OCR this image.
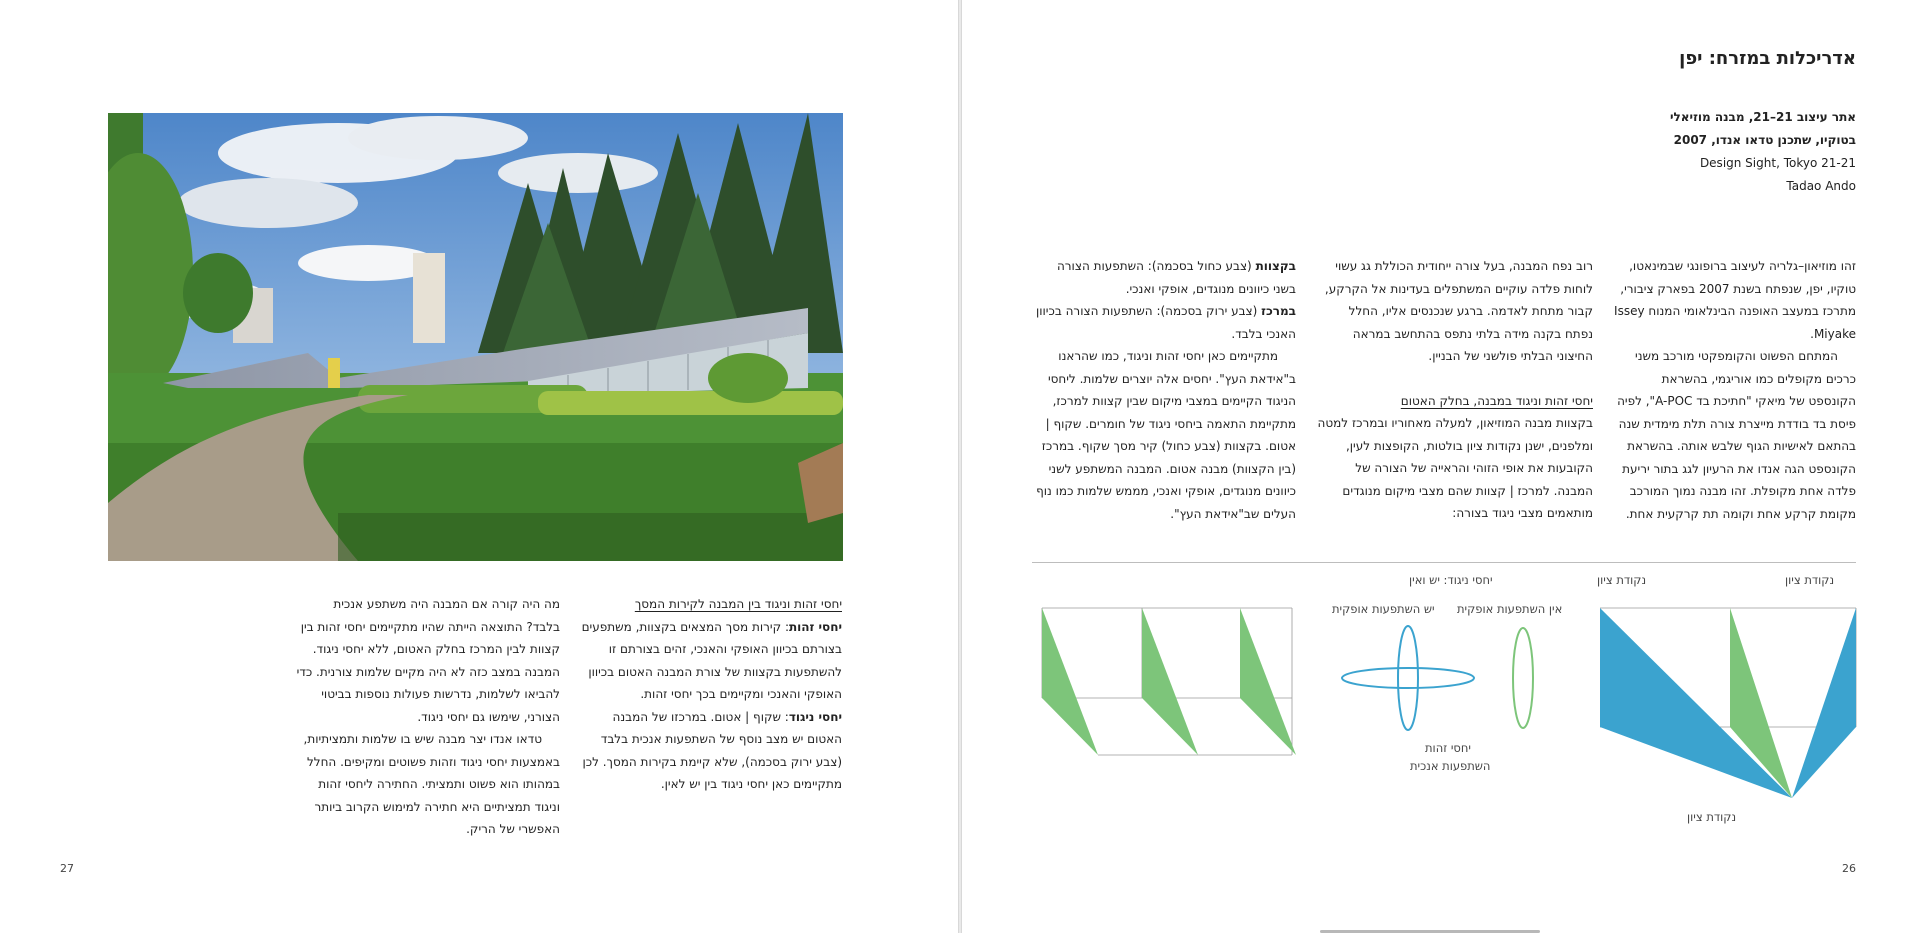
יחסי זהות וניגוד בין המבנה לקירות המסך

יחסי זהות: קירות מסך המצאים בקצוות, משתפעים בצורתם בכיוון האופקי והאנכי, זהים בצורתם זו להשתפעות בקצוות של צורת המבנה האטום בכיוון האופקי והאנכי ומקיימים בכך יחסי זהות.

יחסי ניגוד: שקוף | אטום. במרכזו של המבנה האטום יש מצב נוסף של השתפעות אנכית בלבד (צבע ירוק בסכמה), שלא קיימת בקירות המסך. לכן מתקיימים כאן יחסי ניגוד בין יש לאין.

מה היה קורה אם המבנה היה משתפע אנכית בלבד? התוצאה הייתה שהיו מתקיימים יחסי זהות בין קצוות לבין המרכז בחלק האטום, ללא יחסי ניגוד. המבנה במצב כזה לא היה מקיים שלמות צורנית. כדי להביאו לשלמות, נדרשות פעולות נוספות בביטוי הצורני, שימשו גם יחסי ניגוד.

טדאו אנדו יצר מבנה שיש בו שלמות ותמציתיות, באמצעות יחסי ניגוד וזהות פשוטים ומקיפים. החלל במהותו הוא פשוט ותמציתי. החתירה ליחסי זהות וניגוד תמציתיים היא חתירה למימוש הקרוב ביותר האפשרי של הריק.

27
אדריכלות במזרח: יפן
אתר עיצוב 21–21, מבנה מוזיאלי
בטוקיו, שתכנן טדאו אנדו, 2007
21-21 Design Sight, Tokyo
Tadao Ando

זהו מוזיאון–גלריה לעיצוב ברופונגי שבמינאטו, טוקיו, יפן, שנפתח בשנת 2007 בפארק ציבורי, מתרכז במעצב האופנה הבינלאומי המנוח Issey Miyake.

המתחם הפשוט והקומפקטי מורכב משני כרכים מקופלים כמו אוריגמי, בהשראת הקונספט של מיאקי "חתיכת בד A-POC", לפיה פיסת בד בודדת מייצרת צורה תלת מימדית שנה בהתאם לאישיות הגוף שלבש אותה. בהשראת הקונספט הגה אנדו את הרעיון לגג בתור יריעת פלדה אחת מקופלת. זהו מבנה נמוך המורכב מקומת קרקע אחת וקומה תת קרקעית אחת.

רוב נפח המבנה, בעל צורה ייחודית הכוללת גג עשוי לוחות פלדה עוקיים המשתפלים בעדינות אל הקרקע, קבור מתחת לאדמה. ברגע שנכנסים אליו, החלל נפתח בקנה מידה בלתי נתפס בהתחשב במראה החיצוני הבלתי פולשני של הבניין.

יחסי זהות וניגוד במבנה, בחלק האטום

בקצוות מבנה המוזיאון, למעלה מאחוריו ובמרכז למטה ומלפנים, ישנן נקודות ציון בולטות, הקופצות לעין, הקובעות את אופי הזוהי והראייה של הצורה של המבנה. למרכז | קצוות שהם מצבי מיקום מנוגדים מותאמים מצבי ניגוד בצורה:

בקצוות (צבע כחול בסכמה): השתפעות הצורה בשני כיוונים מנוגדים, אופקי ואנכי.

במרכז (צבע ירוק בסכמה): השתפעות הצורה בכיוון האנכי בלבד.

מתקיימים כאן יחסי זהות וניגוד, כמו שהראנו ב"אידאת העץ". יחסים אלה יוצרים שלמות. ליחסי הניגוד הקיימים במצבי מיקום שבין קצוות למרכז, מתקיימת התאמה ביחסי ניגוד של חומרים. שקוף | אטום. בקצוות (צבע כחול) קיר מסך שקוף. במרכז (בין הקצוות) מבנה אטום. המבנה המשתפע לשני כיוונים מנוגדים, אופקי ואנכי, מממש שלמות כמו נוף העלים שב"אידאת העץ".

נקודת ציון
נקודת ציון
נקודת ציון
יחסי ניגוד: יש ואין
אין השתפעות אופקית
יש השתפעות אופקית
יחסי זהות
השתפעות אנכית
26
